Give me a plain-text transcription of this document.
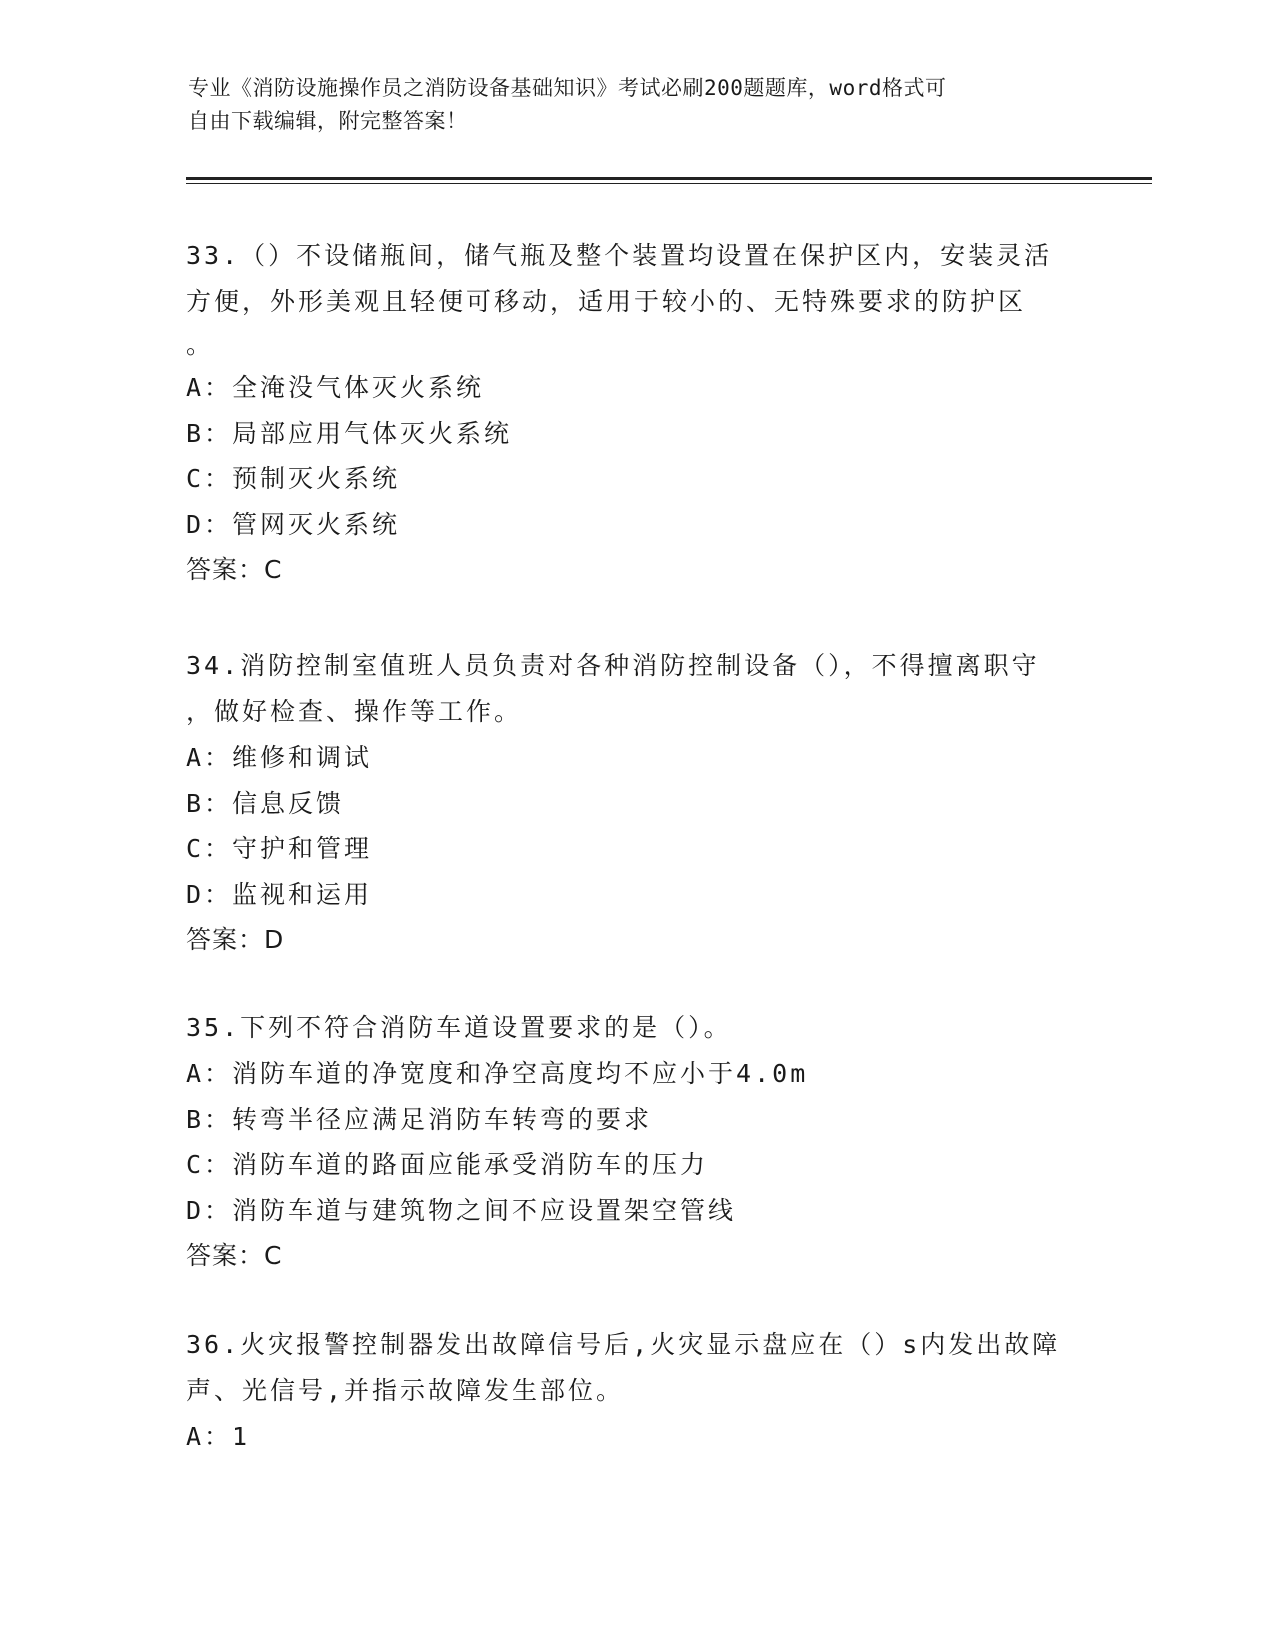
专业《消防设施操作员之消防设备基础知识》考试必刷200题题库，word格式可
自由下载编辑，附完整答案！

33.（）不设储瓶间，储气瓶及整个装置均设置在保护区内，安装灵活

方便，外形美观且轻便可移动，适用于较小的、无特殊要求的防护区

。

A：全淹没气体灭火系统

B：局部应用气体灭火系统

C：预制灭火系统

D：管网灭火系统

答案：C

34.消防控制室值班人员负责对各种消防控制设备（），不得擅离职守

，做好检查、操作等工作。

A：维修和调试

B：信息反馈

C：守护和管理

D：监视和运用

答案：D

35.下列不符合消防车道设置要求的是（）。

A：消防车道的净宽度和净空高度均不应小于4.0m

B：转弯半径应满足消防车转弯的要求

C：消防车道的路面应能承受消防车的压力

D：消防车道与建筑物之间不应设置架空管线

答案：C

36.火灾报警控制器发出故障信号后,火灾显示盘应在（）s内发出故障

声、光信号,并指示故障发生部位。

A：1
